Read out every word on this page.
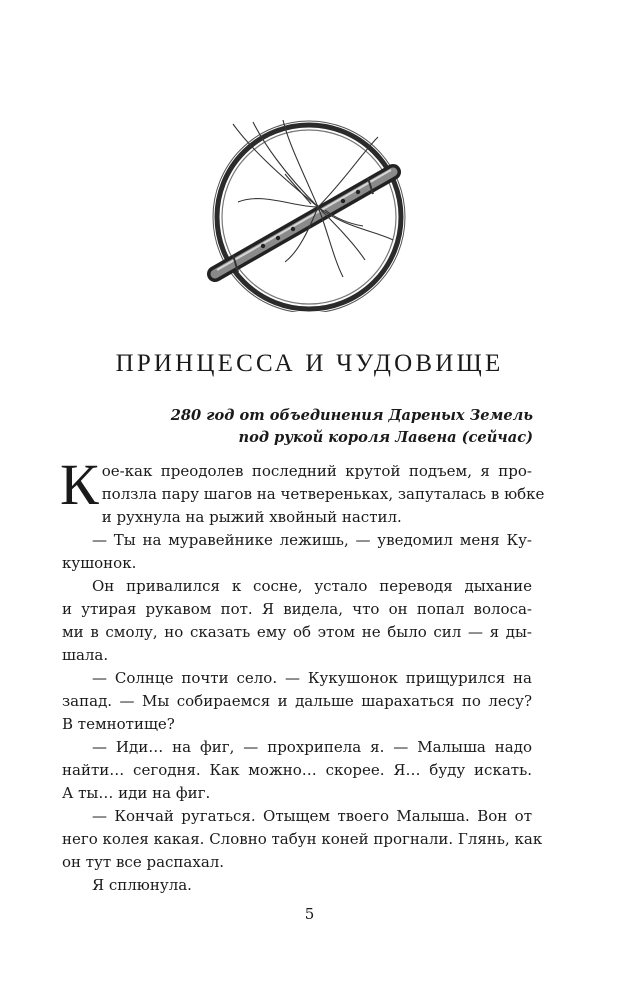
ПРИНЦЕССА И ЧУДОВИЩЕ
280 год от объединения Дареных Земель
под рукой короля Лавена (сейчас)

К ое-как преодолев последний крутой подъем, я про-
ползла пару шагов на четвереньках, запуталась в юбке
и рухнула на рыжий хвойный настил.

— Ты на муравейнике лежишь, — уведомил меня Ку-
кушонок.

Он привалился к сосне, устало переводя дыхание
и утирая рукавом пот. Я видела, что он попал волоса-
ми в смолу, но сказать ему об этом не было сил — я ды-
шала.

— Солнце почти село. — Кукушонок прищурился на
запад. — Мы собираемся и дальше шарахаться по лесу?
В темнотище?

— Иди… на фиг, — прохрипела я. — Малыша надо
найти… сегодня. Как можно… скорее. Я… буду искать.
А ты… иди на фиг.

— Кончай ругаться. Отыщем твоего Малыша. Вон от
него колея какая. Словно табун коней прогнали. Глянь, как
он тут все распахал.

Я сплюнула.

5
